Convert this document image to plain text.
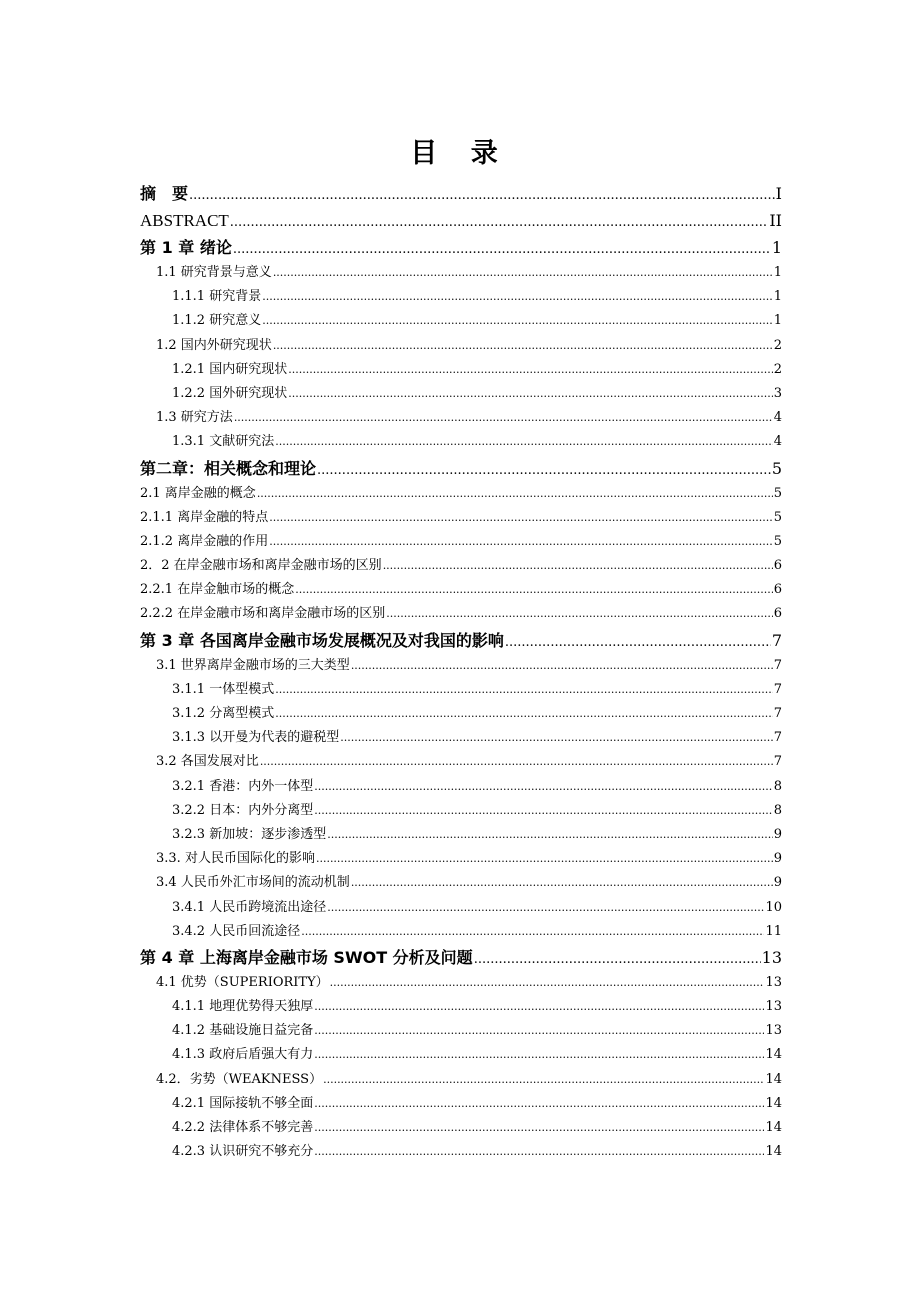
目 录
摘　要 .....	I
ABSTRACT .....	II
第 1 章 绪论 .....	1
1.1 研究背景与意义 .....	1
1.1.1 研究背景 .....	1
1.1.2 研究意义 .....	1
1.2 国内外研究现状 .....	2
1.2.1 国内研究现状 .....	2
1.2.2 国外研究现状 .....	3
1.3 研究方法 .....	4
1.3.1 文献研究法 .....	4
第二章：相关概念和理论 .....	5
2.1 离岸金融的概念 .....	5
2.1.1 离岸金融的特点 .....	5
2.1.2 离岸金融的作用 .....	5
2．2 在岸金融市场和离岸金融市场的区别 .....	6
2.2.1 在岸金触市场的概念 .....	6
2.2.2 在岸金融市场和离岸金融市场的区别 .....	6
第 3 章 各国离岸金融市场发展概况及对我国的影响 .....	7
3.1 世界离岸金融市场的三大类型 .....	7
3.1.1 一体型模式 .....	7
3.1.2 分离型模式 .....	7
3.1.3 以开曼为代表的避税型 .....	7
3.2 各国发展对比 .....	7
3.2.1 香港：内外一体型 .....	8
3.2.2 日本：内外分离型 .....	8
3.2.3 新加坡：逐步渗透型 .....	9
3.3. 对人民币国际化的影响 .....	9
3.4 人民币外汇市场间的流动机制 .....	9
3.4.1 人民币跨境流出途径 .....	10
3.4.2 人民币回流途径 .....	11
第 4 章 上海离岸金融市场 SWOT 分析及问题 .....	13
4.1 优势（SUPERIORITY） .....	13
4.1.1 地理优势得天独厚 .....	13
4.1.2 基础设施日益完备 .....	13
4.1.3 政府后盾强大有力 .....	14
4.2．劣势（WEAKNESS） .....	14
4.2.1 国际接轨不够全面 .....	14
4.2.2 法律体系不够完善 .....	14
4.2.3 认识研究不够充分 .....	14
